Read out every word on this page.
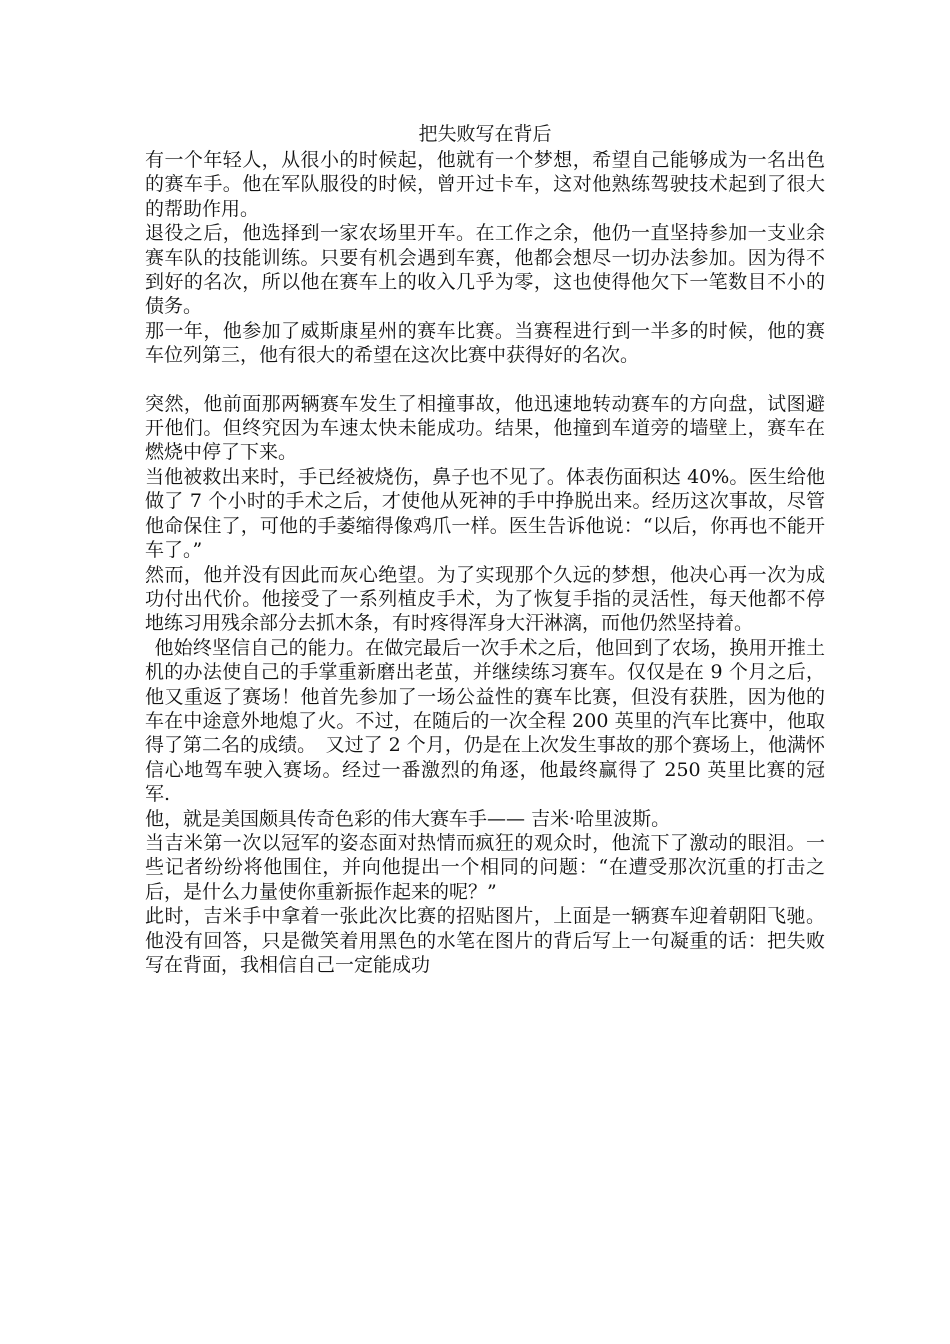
把失败写在背后

有一个年轻人，从很小的时候起，他就有一个梦想，希望自己能够成为一名出色的赛车手。他在军队服役的时候，曾开过卡车，这对他熟练驾驶技术起到了很大的帮助作用。

退役之后，他选择到一家农场里开车。在工作之余，他仍一直坚持参加一支业余赛车队的技能训练。只要有机会遇到车赛，他都会想尽一切办法参加。因为得不到好的名次，所以他在赛车上的收入几乎为零，这也使得他欠下一笔数目不小的债务。

那一年，他参加了威斯康星州的赛车比赛。当赛程进行到一半多的时候，他的赛车位列第三，他有很大的希望在这次比赛中获得好的名次。

突然，他前面那两辆赛车发生了相撞事故，他迅速地转动赛车的方向盘，试图避开他们。但终究因为车速太快未能成功。结果，他撞到车道旁的墙壁上，赛车在燃烧中停了下来。

当他被救出来时，手已经被烧伤，鼻子也不见了。体表伤面积达 40%。医生给他做了 7 个小时的手术之后，才使他从死神的手中挣脱出来。经历这次事故，尽管他命保住了，可他的手萎缩得像鸡爪一样。医生告诉他说：“以后，你再也不能开车了。”

然而，他并没有因此而灰心绝望。为了实现那个久远的梦想，他决心再一次为成功付出代价。他接受了一系列植皮手术，为了恢复手指的灵活性，每天他都不停地练习用残余部分去抓木条，有时疼得浑身大汗淋漓，而他仍然坚持着。

他始终坚信自己的能力。在做完最后一次手术之后，他回到了农场，换用开推土机的办法使自己的手掌重新磨出老茧，并继续练习赛车。仅仅是在 9 个月之后，他又重返了赛场！他首先参加了一场公益性的赛车比赛，但没有获胜，因为他的车在中途意外地熄了火。不过，在随后的一次全程 200 英里的汽车比赛中，他取得了第二名的成绩。　又过了 2 个月，仍是在上次发生事故的那个赛场上，他满怀信心地驾车驶入赛场。经过一番激烈的角逐，他最终赢得了 250 英里比赛的冠军.

他，就是美国颇具传奇色彩的伟大赛车手—— 吉米·哈里波斯。

当吉米第一次以冠军的姿态面对热情而疯狂的观众时，他流下了激动的眼泪。一些记者纷纷将他围住，并向他提出一个相同的问题：“在遭受那次沉重的打击之后，是什么力量使你重新振作起来的呢？”

此时，吉米手中拿着一张此次比赛的招贴图片，上面是一辆赛车迎着朝阳飞驰。他没有回答，只是微笑着用黑色的水笔在图片的背后写上一句凝重的话：把失败写在背面，我相信自己一定能成功
